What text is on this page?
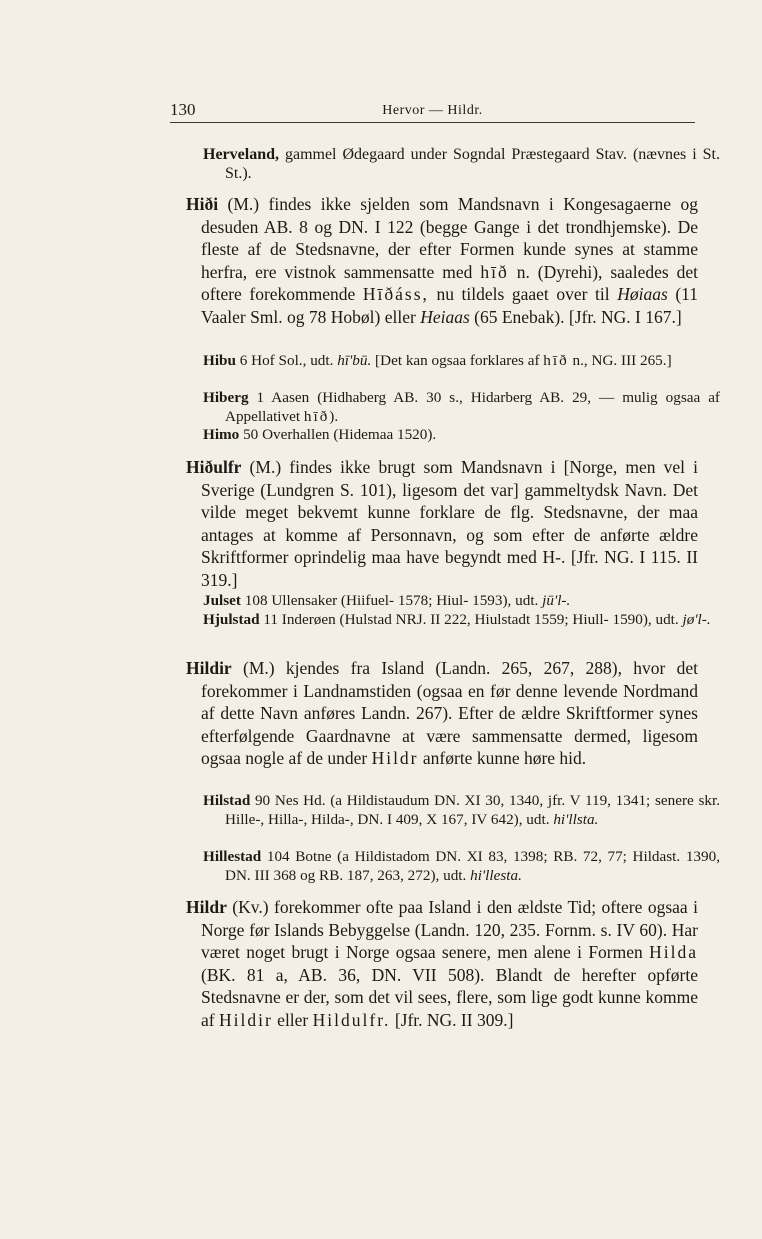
130	Hervor — Hildr.

Herveland, gammel Ødegaard under Sogndal Præstegaard Stav. (nævnes i St. St.).

Hiði (M.) findes ikke sjelden som Mandsnavn i Kongesagaerne og desuden AB. 8 og DN. I 122 (begge Gange i det trondhjemske). De fleste af de Stedsnavne, der efter Formen kunde synes at stamme herfra, ere vistnok sammensatte med hīð n. (Dyrehi), saaledes det oftere forekommende Hīðáss, nu tildels gaaet over til Høiaas (11 Vaaler Sml. og 78 Hobøl) eller Heiaas (65 Enebak). [Jfr. NG. I 167.]

Hibu 6 Hof Sol., udt. hī'bū. [Det kan ogsaa forklares af hīð n., NG. III 265.]

Hiberg 1 Aasen (Hidhaberg AB. 30 s., Hidarberg AB. 29, — mulig ogsaa af Appellativet hīð).

Himo 50 Overhallen (Hidemaa 1520).

Hiðulfr (M.) findes ikke brugt som Mandsnavn i [Norge, men vel i Sverige (Lundgren S. 101), ligesom det var] gammeltydsk Navn. Det vilde meget bekvemt kunne forklare de flg. Stedsnavne, der maa antages at komme af Personnavn, og som efter de anførte ældre Skriftformer oprindelig maa have begyndt med H-. [Jfr. NG. I 115. II 319.]

Julset 108 Ullensaker (Hiifuel- 1578; Hiul- 1593), udt. jū'l-.

Hjulstad 11 Inderøen (Hulstad NRJ. II 222, Hiulstadt 1559; Hiull- 1590), udt. jø'l-.

Hildir (M.) kjendes fra Island (Landn. 265, 267, 288), hvor det forekommer i Landnamstiden (ogsaa en før denne levende Nordmand af dette Navn anføres Landn. 267). Efter de ældre Skriftformer synes efterfølgende Gaardnavne at være sammensatte dermed, ligesom ogsaa nogle af de under Hildr anførte kunne høre hid.

Hilstad 90 Nes Hd. (a Hildistaudum DN. XI 30, 1340, jfr. V 119, 1341; senere skr. Hille-, Hilla-, Hilda-, DN. I 409, X 167, IV 642), udt. hi'llsta.

Hillestad 104 Botne (a Hildistadom DN. XI 83, 1398; RB. 72, 77; Hildast. 1390, DN. III 368 og RB. 187, 263, 272), udt. hi'llesta.

Hildr (Kv.) forekommer ofte paa Island i den ældste Tid; oftere ogsaa i Norge før Islands Bebyggelse (Landn. 120, 235. Fornm. s. IV 60). Har været noget brugt i Norge ogsaa senere, men alene i Formen Hilda (BK. 81 a, AB. 36, DN. VII 508). Blandt de herefter opførte Stedsnavne er der, som det vil sees, flere, som lige godt kunne komme af Hildir eller Hildulfr. [Jfr. NG. II 309.]
